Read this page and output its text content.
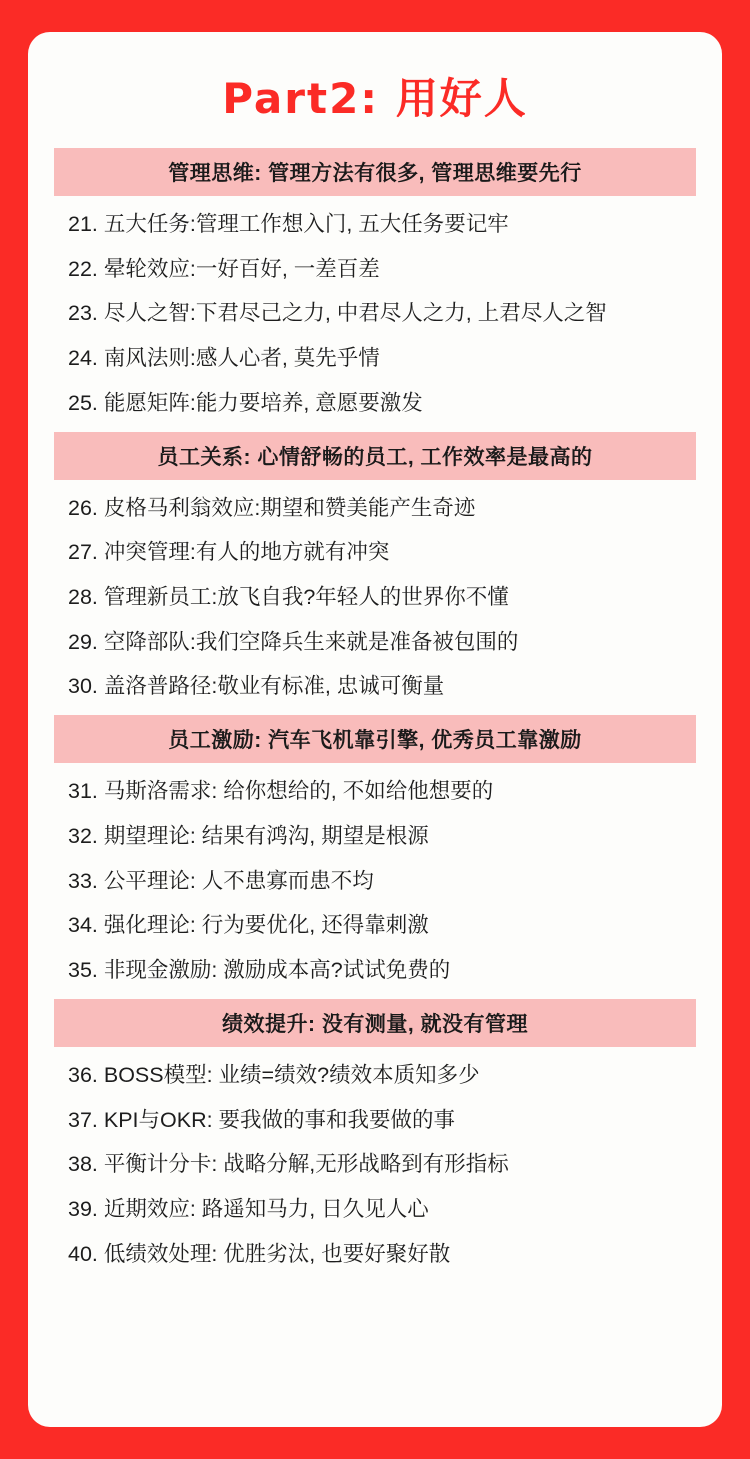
Part2: 用好人
管理思维: 管理方法有很多, 管理思维要先行
21. 五大任务:管理工作想入门, 五大任务要记牢
22. 晕轮效应:一好百好, 一差百差
23. 尽人之智:下君尽己之力, 中君尽人之力, 上君尽人之智
24. 南风法则:感人心者, 莫先乎情
25. 能愿矩阵:能力要培养, 意愿要激发
员工关系: 心情舒畅的员工, 工作效率是最高的
26. 皮格马利翁效应:期望和赞美能产生奇迹
27. 冲突管理:有人的地方就有冲突
28. 管理新员工:放飞自我?年轻人的世界你不懂
29. 空降部队:我们空降兵生来就是准备被包围的
30. 盖洛普路径:敬业有标准, 忠诚可衡量
员工激励: 汽车飞机靠引擎, 优秀员工靠激励
31. 马斯洛需求: 给你想给的, 不如给他想要的
32. 期望理论: 结果有鸿沟, 期望是根源
33. 公平理论: 人不患寡而患不均
34. 强化理论: 行为要优化, 还得靠刺激
35. 非现金激励: 激励成本高?试试免费的
绩效提升: 没有测量, 就没有管理
36. BOSS模型: 业绩=绩效?绩效本质知多少
37. KPI与OKR: 要我做的事和我要做的事
38. 平衡计分卡: 战略分解,无形战略到有形指标
39. 近期效应: 路遥知马力, 日久见人心
40. 低绩效处理: 优胜劣汰, 也要好聚好散
